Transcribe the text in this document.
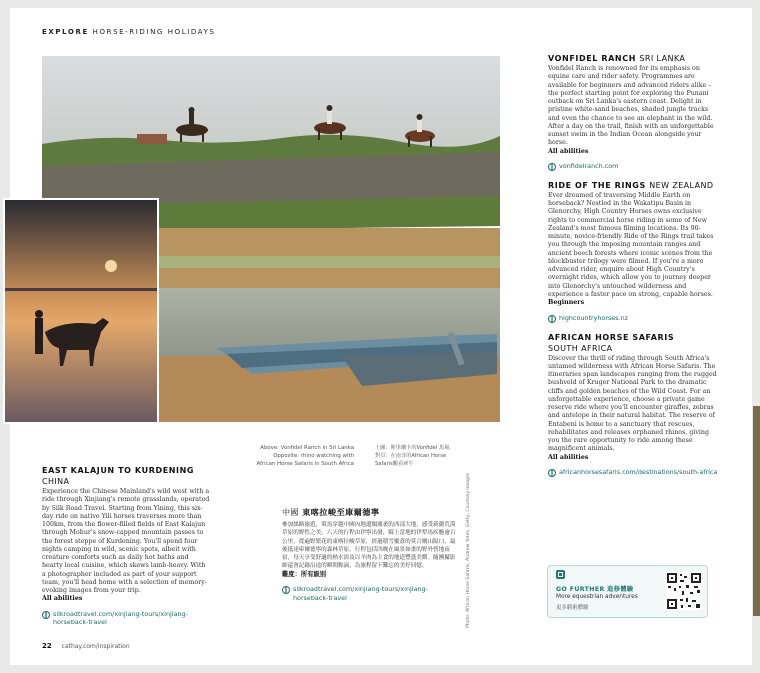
EXPLORE HORSE-RIDING HOLIDAYS
Above: Vonfidel Ranch in Sri Lanka Opposite: rhino watching with African Horse Safaris in South Africa
上圖：斯里蘭卡的Vonfidel 馬場．對頁：在南非的African Horse Safaris觀看犀牛
Photo: African Horse Safaris, Andrew Yates, Getty, Courtesy images
EAST KALAJUN TO KURDENING CHINA

Experience the Chinese Mainland's wild west with a ride through Xinjiang's remote grasslands, operated by Silk Road Travel. Starting from Yining, this six-day ride on native Yili horses traverses more than 100km, from the flower-filled fields of East Kalajun through Mohur's snow-capped mountain passes to the forest steppe of Kurdening. You'll spend four nights camping in wild, scenic spots, albeit with creature comforts such as daily hot baths and hearty local cuisine, which skews lamb-heavy. With a photographer included as part of your support team, you'll head home with a selection of memory-evoking images from your trip.

All abilities
silkroadtravel.com/xinjiang-tours/xinjiang-horseback-travel
中國 東喀拉峻至庫爾德寧

參加絲路旅遊，策馬穿越中國內地遼闊廣袤的西部大地，感受新疆荒漠草原的野性之美。六天的行程由伊寧出發，騎上當地的伊犁馬疾馳逾百公里，從遍野繁花的東喀拉峻草原，經過積雪覆蓋的莫合爾山隘口，最後抵達庫爾德寧的森林草原。行程包括四晚在風景如畫的野外營地夜宿，每天享受舒適的熱水浴及以羊肉為主食的地道豐盛美饌。隨團攝影師還會記錄沿途的瞬間點滴，為旅程留下難忘的美好回憶。

難度：所有級別
silkroadtravel.com/xinjiang-tours/xinjiang-horseback-travel
VONFIDEL RANCH SRI LANKA

Vonfidel Ranch is renowned for its emphasis on equine care and rider safety. Programmes are available for beginners and advanced riders alike – the perfect starting point for exploring the Punani outback on Sri Lanka's eastern coast. Delight in pristine white-sand beaches, shaded jungle tracks and even the chance to see an elephant in the wild. After a day on the trail, finish with an unforgettable sunset swim in the Indian Ocean alongside your horse.

All abilities
vonfidelranch.com
RIDE OF THE RINGS NEW ZEALAND

Ever dreamed of traversing Middle Earth on horseback? Nestled in the Wakatipu Basin in Glenorchy, High Country Horses owns exclusive rights to commercial horse riding in some of New Zealand's most famous filming locations. Its 90-minute, novice-friendly Ride of the Rings trail takes you through the imposing mountain ranges and ancient beech forests where iconic scenes from the blockbuster trilogy were filmed. If you're a more advanced rider, enquire about High Country's overnight rides, which allow you to journey deeper into Glenorchy's untouched wilderness and experience a faster pace on strong, capable horses.

Beginners
highcountryhorses.nz
AFRICAN HORSE SAFARIS
SOUTH AFRICA

Discover the thrill of riding through South Africa's untamed wilderness with African Horse Safaris. The itineraries span landscapes ranging from the rugged bushveld of Kruger National Park to the dramatic cliffs and golden beaches of the Wild Coast. For an unforgettable experience, choose a private game reserve ride where you'll encounter giraffes, zebras and antelope in their natural habitat. The reserve of Entabeni is home to a sanctuary that rescues, rehabilitates and releases orphaned rhinos, giving you the rare opportunity to ride among these magnificent animals.

All abilities
africanhorsesafaris.com/destinations/south-africa
GO FURTHER 進修體驗
More equestrian adventures
更多騎術體驗
22 cathay.com/inspiration
